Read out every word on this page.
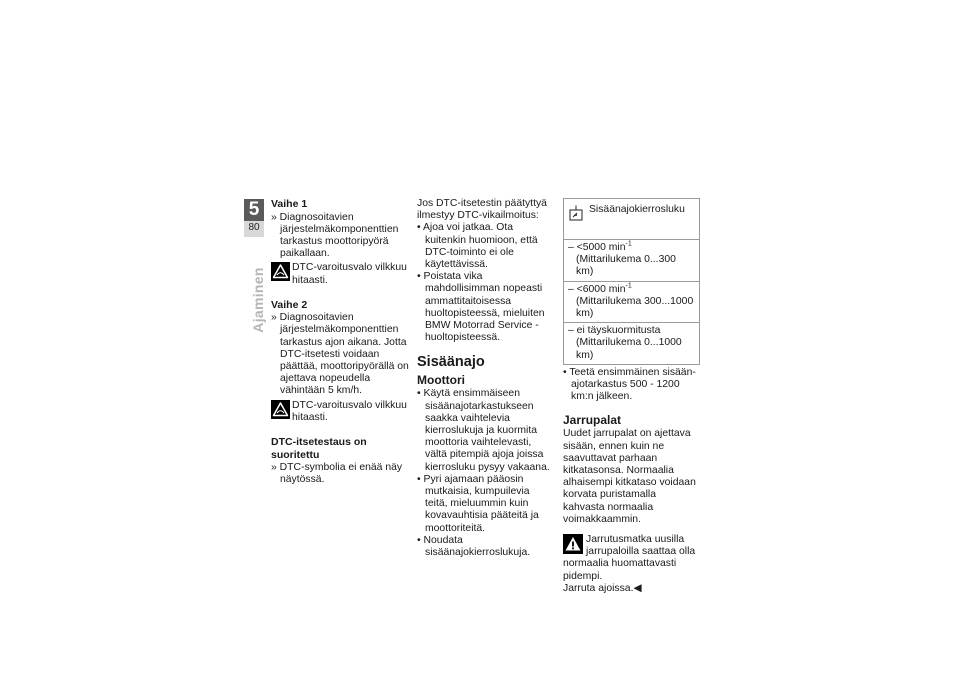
5
80
Ajaminen
Vaihe 1

» Diagnosoitavien järjestelmäkomponenttien tarkastus moottoripyörä paikallaan.

DTC-varoitusvalo vilkkuu hitaasti.
Vaihe 2

» Diagnosoitavien järjestelmäkomponenttien tarkastus ajon aikana. Jotta DTC-itsetesti voidaan päättää, moottoripyörällä on ajettava nopeudella vähintään 5 km/h.

DTC-varoitusvalo vilkkuu hitaasti.
DTC-itsetestaus on suoritettu

» DTC-symbolia ei enää näy näytössä.

Jos DTC-itsetestin päätyttyä ilmestyy DTC-vikailmoitus:

• Ajoa voi jatkaa. Ota kuitenkin huomioon, että DTC-toiminto ei ole käytettävissä.

• Poistata vika mahdollisimman nopeasti ammattitaitoisessa huoltopisteessä, mieluiten BMW Motorrad Service -huoltopisteessä.

Sisäänajo
Moottori

• Käytä ensimmäiseen sisäänajotarkastukseen saakka vaihtelevia kierroslukuja ja kuormita moottoria vaihtelevasti, vältä pitempiä ajoja joissa kierrosluku pysyy vakaana.

• Pyri ajamaan pääosin mutkaisia, kumpuilevia teitä, mieluummin kuin kovavauhtisia pääteitä ja moottoriteitä.

• Noudata sisäänajokierroslukuja.

Sisäänajokierrosluku
– <5000 $\min^{-1}$ (Mittarilukema 0...300 km)
– <6000 $\min^{-1}$ (Mittarilukema 300...1000 km)
– ei täyskuormitusta (Mittarilukema 0...1000 km)

• Teetä ensimmäinen sisäänajotarkastus 500 - 1200 km:n jälkeen.

Jarrupalat

Uudet jarrupalat on ajettava sisään, ennen kuin ne saavuttavat parhaan kitkatasonsa. Normaalia alhaisempi kitkataso voidaan korvata puristamalla kahvasta normaalia voimakkaammin.

Jarrutusmatka uusilla jarrupaloilla saattaa olla normaalia huomattavasti pidempi.

Jarruta ajoissa.◀
